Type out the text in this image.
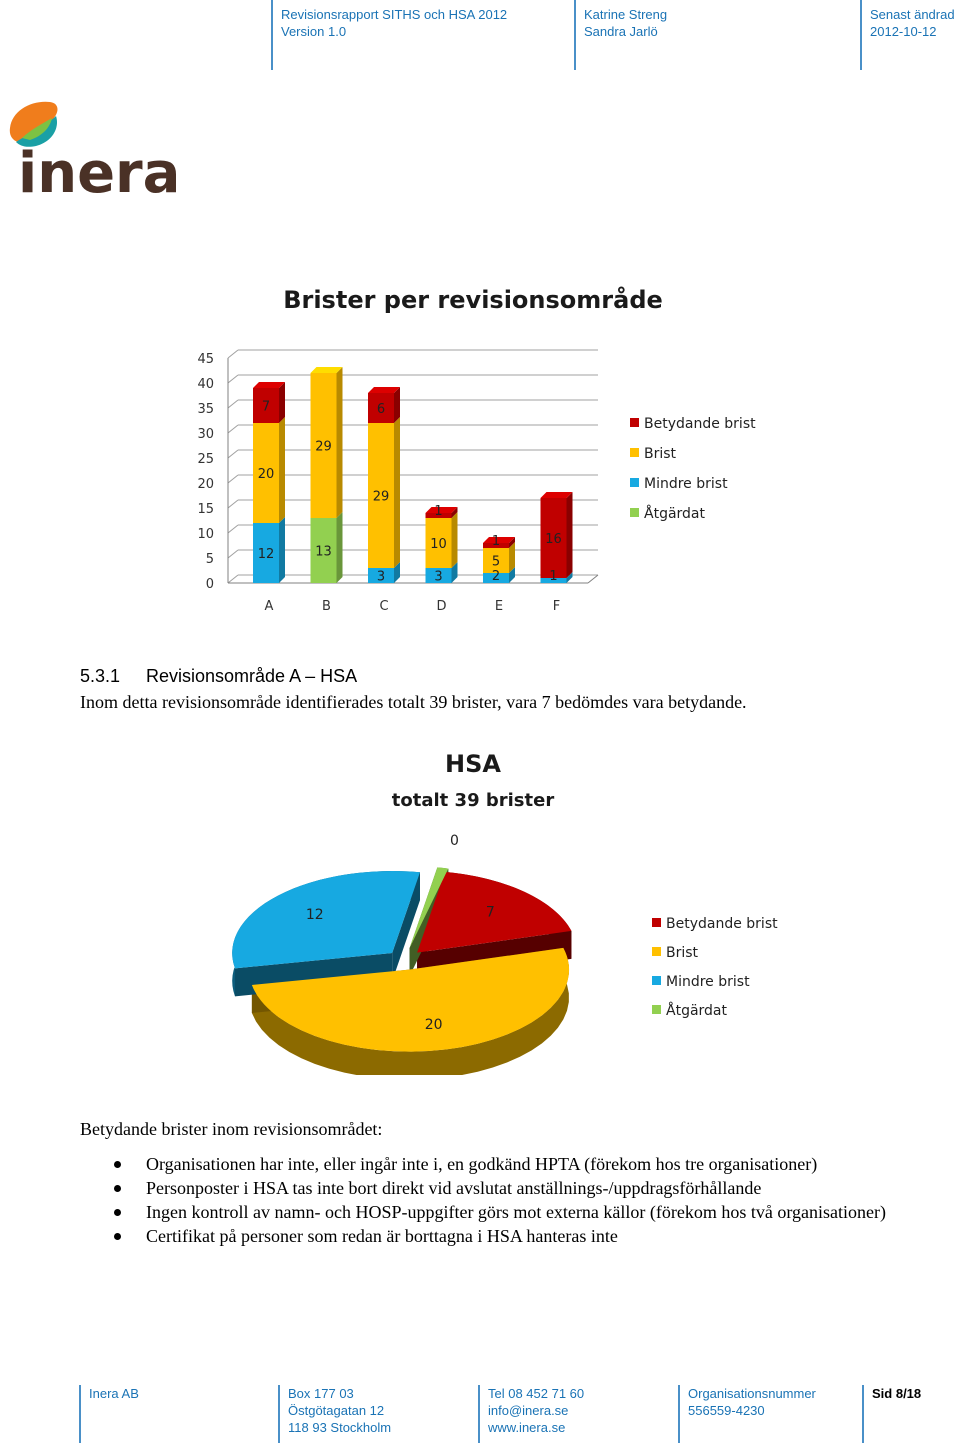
Revisionsrapport SITHS och HSA 2012
Version 1.0
Katrine Streng
Sandra Jarlö
Senast ändrad
2012-10-12
inera
Brister per revisionsområde
0
5
10
15
20
25
30
35
40
45
12
20
7
A
13
29
B
3
29
6
C
3
10
1
D
2
5
1
E
1
16
F
Betydande brist
Brist
Mindre brist
Åtgärdat
5.3.1 Revisionsområde A – HSA
Inom detta revisionsområde identifierades totalt 39 brister, vara 7 bedömdes vara betydande.
HSA
totalt 39 brister
7
20
12
0
Betydande brist
Brist
Mindre brist
Åtgärdat
Betydande brister inom revisionsområdet:
Organisationen har inte, eller ingår inte i, en godkänd HPTA (förekom hos tre organisationer)
Personposter i HSA tas inte bort direkt vid avslutat anställnings-/uppdragsförhållande
Ingen kontroll av namn- och HOSP-uppgifter görs mot externa källor (förekom hos två organisationer)
Certifikat på personer som redan är borttagna i HSA hanteras inte
Inera AB	Box 177 03
Östgötagatan 12
118 93 Stockholm
Tel 08 452 71 60
info@inera.se
www.inera.se
Organisationsnummer
556559-4230
Sid 8/18
